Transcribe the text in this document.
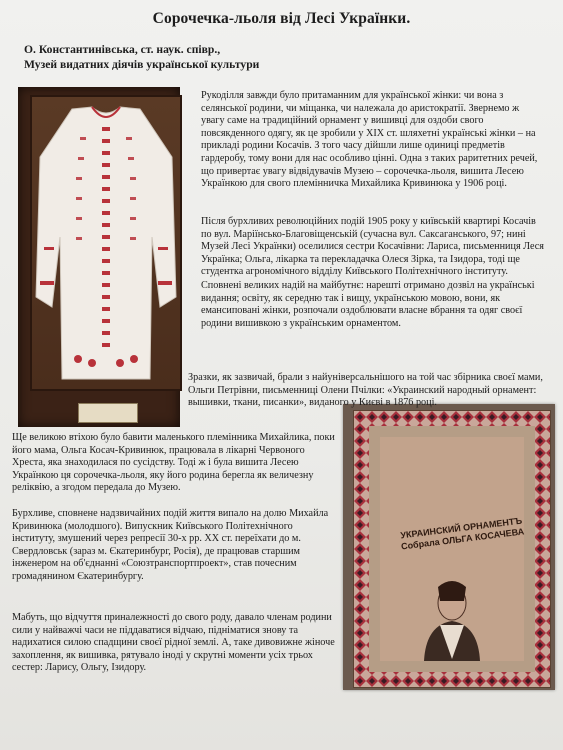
Сорочечка-льоля від Лесі Українки.
О. Константинівська, ст. наук. співр.,
Музей видатних діячів української культури
УКРАИНСКИЙ ОРНАМЕНТЪ Собрала ОЛЬГА КОСАЧЕВА

Рукоділля завжди було притаманним для української жінки: чи вона з селянської родини, чи міщанка, чи належала до аристократії. Звернемо ж увагу саме на традиційний орнамент у вишивці для оздоби свого повсякденного одягу, як це зробили у XIX ст. шляхетні українські жінки – на прикладі родини Косачів. З того часу дійшли лише одиниці предметів гардеробу, тому вони для нас особливо цінні. Одна з таких раритетних речей, що привертає увагу відвідувачів Музею – сорочечка-льоля, вишита Лесею Українкою для свого племінничка Михайлика Кривинюка у 1906 році.

Після бурхливих революційних подій 1905 року у київській квартирі Косачів по вул. Маріїнсько-Благовіщенській (сучасна вул. Саксаганського, 97; нині Музей Лесі Українки) оселилися сестри Косачівни: Лариса, письменниця Леся Українка; Ольга, лікарка та перекладачка Олеся Зірка, та Ізидора, тоді ще студентка агрономічного відділу Київського Політехнічного інституту.

Сповнені великих надій на майбутнє: нарешті отримано дозвіл на українські видання; освіту, як середню так і вищу, українською мовою, вони, як емансиповані жінки, розпочали оздоблювати власне вбрання та одяг своєї родини вишивкою з українським орнаментом.

Зразки, як зазвичай, брали з найуніверсальнішого на той час збірника своєї мами, Ольги Петрівни, письменниці Олени Пчілки: «Украинский народный орнамент: вышивки, ткани, писанки», виданого у Києві в 1876 році.

Ще великою втіхою було бавити маленького племінника Михайлика, поки його мама, Ольга Косач-Кривинюк, працювала в лікарні Червоного Хреста, яка знаходилася по сусідству. Тоді ж і була вишита Лесею Українкою ця сорочечка-льоля, яку його родина берегла як величезну реліквію, а згодом передала до Музею.

Бурхливе, сповнене надзвичайних подій життя випало на долю Михайла Кривинюка (молодшого). Випускник Київського Політехнічного інституту, змушений через репресії 30-х рр. XX ст. переїхати до м. Свердловськ (зараз м. Єкатеринбург, Росія), де працював старшим інженером на об'єднанні «Союзтранспортпроект», став почесним громадянином Єкатеринбургу.

Мабуть, що відчуття приналежності до свого роду, давало членам родини сили у найважчі часи не піддаватися відчаю, підніматися знову та надихатися силою спадщини своєї рідної землі. А, таке дивовижне жіноче захоплення, як вишивка, рятувало іноді у скрутні моменти усіх трьох сестер: Ларису, Ольгу, Ізидору.
